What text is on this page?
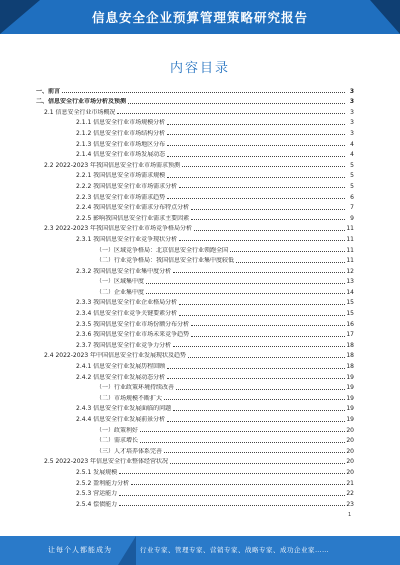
信息安全企业预算管理策略研究报告
内容目录
一、前言	3
二、信息安全行业市场分析及预测	3
2.1 信息安全行业市场概况	3
2.1.1 信息安全行业市场规模分析	3
2.1.2 信息安全行业市场结构分析	3
2.1.3 信息安全行业市场地区分布	4
2.1.4 信息安全行业市场发展动态	4
2.2 2022-2023 年我国信息安全行业市场需求预测	5
2.2.1 我国信息安全市场需求规模	5
2.2.2 我国信息安全行业市场需求分析	5
2.2.3 信息安全行业市场需求趋势	6
2.2.4 我国信息安全行业需求分布特点分析	7
2.2.5 影响我国信息安全行业需求主要因素	9
2.3 2022-2023 年我国信息安全行业市场竞争格局分析	11
2.3.1 我国信息安全行业竞争现状分析	11
（一）区域竞争格局：北京信息安全行业领跑全国	11
（二）行业竞争格局：我国信息安全行业集中度较低	11
2.3.2 我国信息安全行业集中度分析	12
（一）区域集中度	13
（二）企业集中度	14
2.3.3 我国信息安全行业企业格局分析	15
2.3.4 信息安全行业竞争关键要素分析	15
2.3.5 我国信息安全行业市场份额分布分析	16
2.3.6 我国信息安全行业市场未来竞争趋势	17
2.3.7 我国信息安全行业竞争力分析	18
2.4 2022-2023 年中国信息安全行业发展现状及趋势	18
2.4.1 信息安全行业发展历程回顾	18
2.4.2 信息安全行业发展动态分析	19
（一）行业政策环境持续改善	19
（二）市场规模不断扩大	19
2.4.3 信息安全行业发展面临的问题	19
2.4.4 信息安全行业发展前景分析	19
（一）政策利好	20
（二）需求增长	20
（三）人才培养体系完善	20
2.5 2022-2023 年信息安全行业整体经营状况	20
2.5.1 发展规模	20
2.5.2 盈利能力分析	21
2.5.3 营运能力	22
2.5.4 偿债能力	23
1
让每个人都能成为	行业专家、管理专家、营销专家、战略专家、成功企业家……
